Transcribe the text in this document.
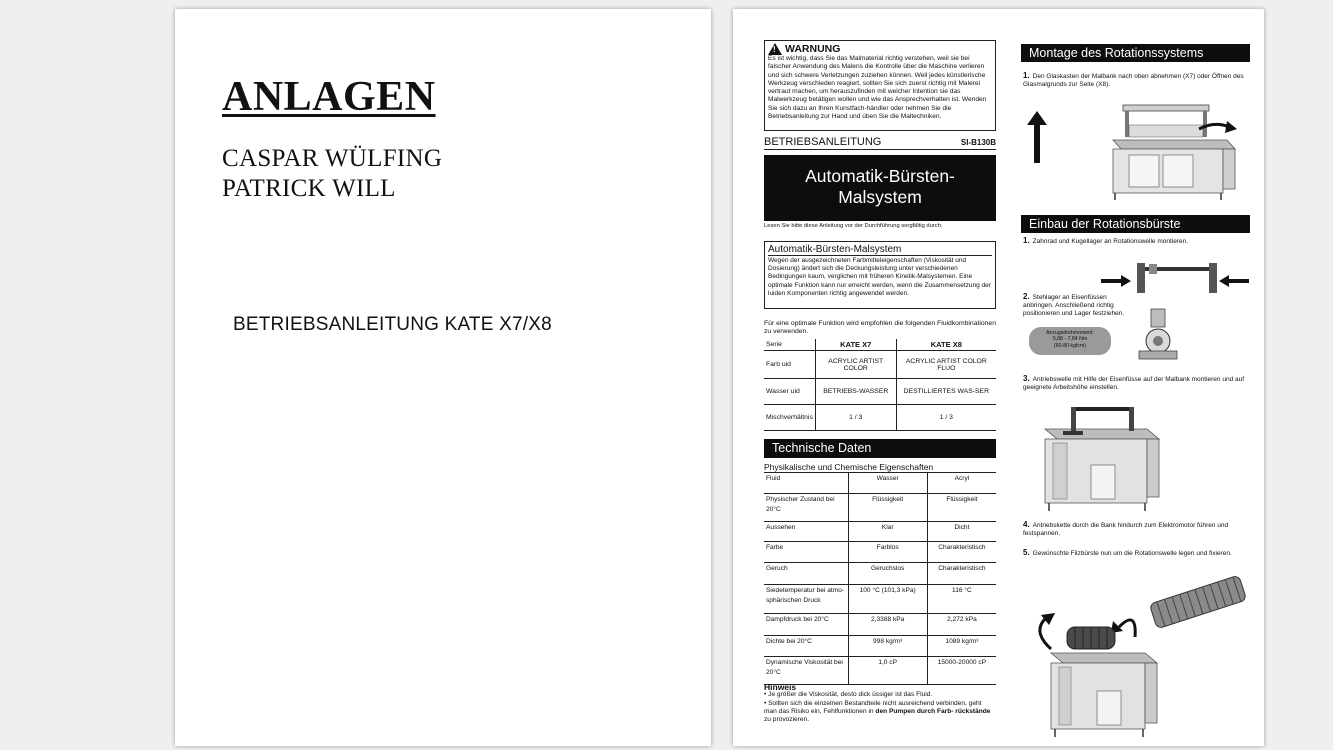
ANLAGEN
CASPAR WÜLFING
PATRICK WILL
BETRIEBSANLEITUNG KATE X7/X8
! WARNUNG
Es ist wichtig, dass Sie das Malmaterial richtig verstehen, weil sie bei falscher Anwendung des Malens die Kontrolle über die Maschine verlieren und sich schwere Verletzungen zuziehen können. Weil jedes künstlerische Werkzeug verschieden reagiert, sollten Sie sich zuerst richtig mit Malerei vertraut machen, um herauszufinden mit welcher Intention sie das Malwerkzeug betätigen wollen und wie das Ansprechverhalten ist. Wenden Sie sich dazu an Ihren Kunstfach-händler oder nehmen Sie die Betriebsanleitung zur Hand und üben Sie die Maltechniken.
BETRIEBSANLEITUNG	SI-B130B
Automatik-Bürsten-
Malsystem
Lesen Sie bitte diese Anleitung vor der Durchführung sorgfältig durch.
Automatik-Bürsten-Malsystem
Wegen der ausgezeichneten Farbmitteleigenschaften (Viskosität und Dosierung) ändert sich die Deckungsleistung unter verschiedenen Bedingungen kaum, verglichen mit früheren Kinetik-Malsystemen. Eine optimale Funktion kann nur erreicht werden, wenn die Zusammensetzung der luiden Komponenten richtig angewendet werden.
Für eine optimale Funktion wird empfohlen die folgenden Fluidkombinationen zu verwenden.
Serie	KATE X7	KATE X8
Farb uid	ACRYLIC ARTIST COLOR	ACRYLIC ARTIST COLOR FLUO
Wasser uid	BETRIEBS-WASSER	DESTILLIERTES WAS-SER
Mischverhältnis	1 / 3	1 / 3
Technische Daten
Physikalische und Chemische Eigenschaften
Fluid	Wasser	Acryl
Physischer Zustand bei 20°C	Flüssigkeit	Flüssigkeit
Aussehen	Klar	Dicht
Farbe	Farblos	Charakteristisch
Geruch	Geruchslos	Charakteristisch
Siedetemperatur bei atmo-sphärischen Druck	100 °C (101,3 kPa)	116 °C
Dampfdruck bei 20°C	2,3388 kPa	2,272 kPa
Dichte bei 20°C	998 kg/m³	1089 kg/m³
Dynamische Viskosität bei 20°C	1,0 cP	15000-20000 cP
Hinweis
• Je größer die Viskosität, desto dick üssiger ist das Fluid.
• Sollten sich die einzelnen Bestandteile nicht ausreichend verbinden, geht man das Risiko ein, Fehlfunktionen in den Pumpen durch Farb- rückstände zu provozieren.
Montage des Rotationssystems
1. Den Glaskasten der Malbank nach oben abnehmen (X7) oder Öffnen des Glasmalgrunds zur Seite (X8).
Einbau der Rotationsbürste
1. Zahnrad und Kugellager an Rotationswelle montieren.
2. Stehlager an Eisenfüssen anbringen. Anschließend richtig positionieren und Lager festziehen.
Anzugsdrehmoment:
5,88 - 7,84 Nm
(60-80 kgfcm)
3. Antriebswelle mit Hilfe der Eisenfüsse auf der Malbank montieren und auf geeignete Arbeitshöhe einstellen.
4. Antriebskette durch die Bank hindurch zum Elektromotor führen und festspannen.
5. Gewünschte Filzbürste nun um die Rotationswelle legen und fixieren.
